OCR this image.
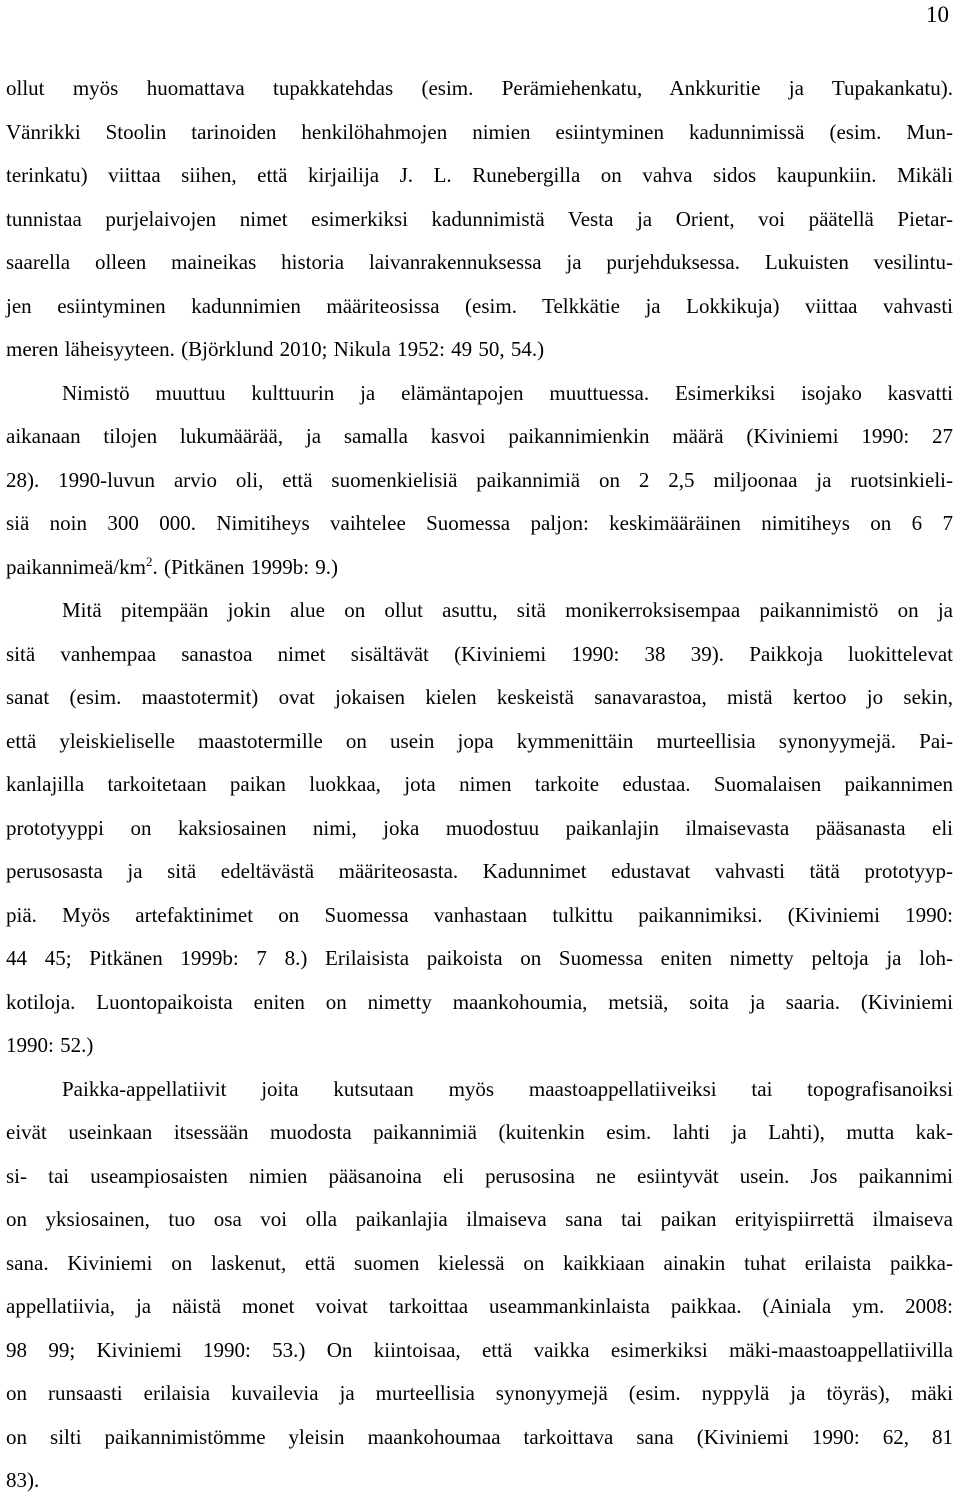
10

ollut myös huomattava tupakkatehdas (esim. Perämiehenkatu, Ankkuritie ja Tupakankatu).
Vänrikki Stoolin tarinoiden henkilöhahmojen nimien esiintyminen kadunnimissä (esim. Mun-
terinkatu) viittaa siihen, että kirjailija J. L. Runebergilla on vahva sidos kaupunkiin. Mikäli
tunnistaa purjelaivojen nimet esimerkiksi kadunnimistä Vesta ja Orient, voi päätellä Pietar-
saarella olleen maineikas historia laivanrakennuksessa ja purjehduksessa. Lukuisten vesilintu-
jen esiintyminen kadunnimien määriteosissa (esim. Telkkätie ja Lokkikuja) viittaa vahvasti
meren läheisyyteen. (Björklund 2010; Nikula 1952: 49 50, 54.)

Nimistö muuttuu kulttuurin ja elämäntapojen muuttuessa. Esimerkiksi isojako kasvatti
aikanaan tilojen lukumäärää, ja samalla kasvoi paikannimienkin määrä (Kiviniemi 1990: 27
28). 1990-luvun arvio oli, että suomenkielisiä paikannimiä on 2 2,5 miljoonaa ja ruotsinkieli-
siä noin 300 000. Nimitiheys vaihtelee Suomessa paljon: keskimääräinen nimitiheys on 6 7
paikannimeä/$km^2$. (Pitkänen 1999b: 9.)

Mitä pitempään jokin alue on ollut asuttu, sitä monikerroksisempaa paikannimistö on ja
sitä vanhempaa sanastoa nimet sisältävät (Kiviniemi 1990: 38 39). Paikkoja luokittelevat
sanat (esim. maastotermit) ovat jokaisen kielen keskeistä sanavarastoa, mistä kertoo jo sekin,
että yleiskieliselle maastotermille on usein jopa kymmenittäin murteellisia synonyymejä. Pai-
kanlajilla tarkoitetaan paikan luokkaa, jota nimen tarkoite edustaa. Suomalaisen paikannimen
prototyyppi on kaksiosainen nimi, joka muodostuu paikanlajin ilmaisevasta pääsanasta eli
perusosasta ja sitä edeltävästä määriteosasta. Kadunnimet edustavat vahvasti tätä prototyyp-
piä. Myös artefaktinimet on Suomessa vanhastaan tulkittu paikannimiksi. (Kiviniemi 1990:
44 45; Pitkänen 1999b: 7 8.) Erilaisista paikoista on Suomessa eniten nimetty peltoja ja loh-
kotiloja. Luontopaikoista eniten on nimetty maankohoumia, metsiä, soita ja saaria. (Kiviniemi
1990: 52.)

Paikka-appellatiivit joita kutsutaan myös maastoappellatiiveiksi tai topografisanoiksi
eivät useinkaan itsessään muodosta paikannimiä (kuitenkin esim. lahti ja Lahti), mutta kak-
si- tai useampiosaisten nimien pääsanoina eli perusosina ne esiintyvät usein. Jos paikannimi
on yksiosainen, tuo osa voi olla paikanlajia ilmaiseva sana tai paikan erityispiirrettä ilmaiseva
sana. Kiviniemi on laskenut, että suomen kielessä on kaikkiaan ainakin tuhat erilaista paikka-
appellatiivia, ja näistä monet voivat tarkoittaa useammankinlaista paikkaa. (Ainiala ym. 2008:
98 99; Kiviniemi 1990: 53.) On kiintoisaa, että vaikka esimerkiksi mäki-maastoappellatiivilla
on runsaasti erilaisia kuvailevia ja murteellisia synonyymejä (esim. nyppylä ja töyräs), mäki
on silti paikannimistömme yleisin maankohoumaa tarkoittava sana (Kiviniemi 1990: 62, 81
83).
